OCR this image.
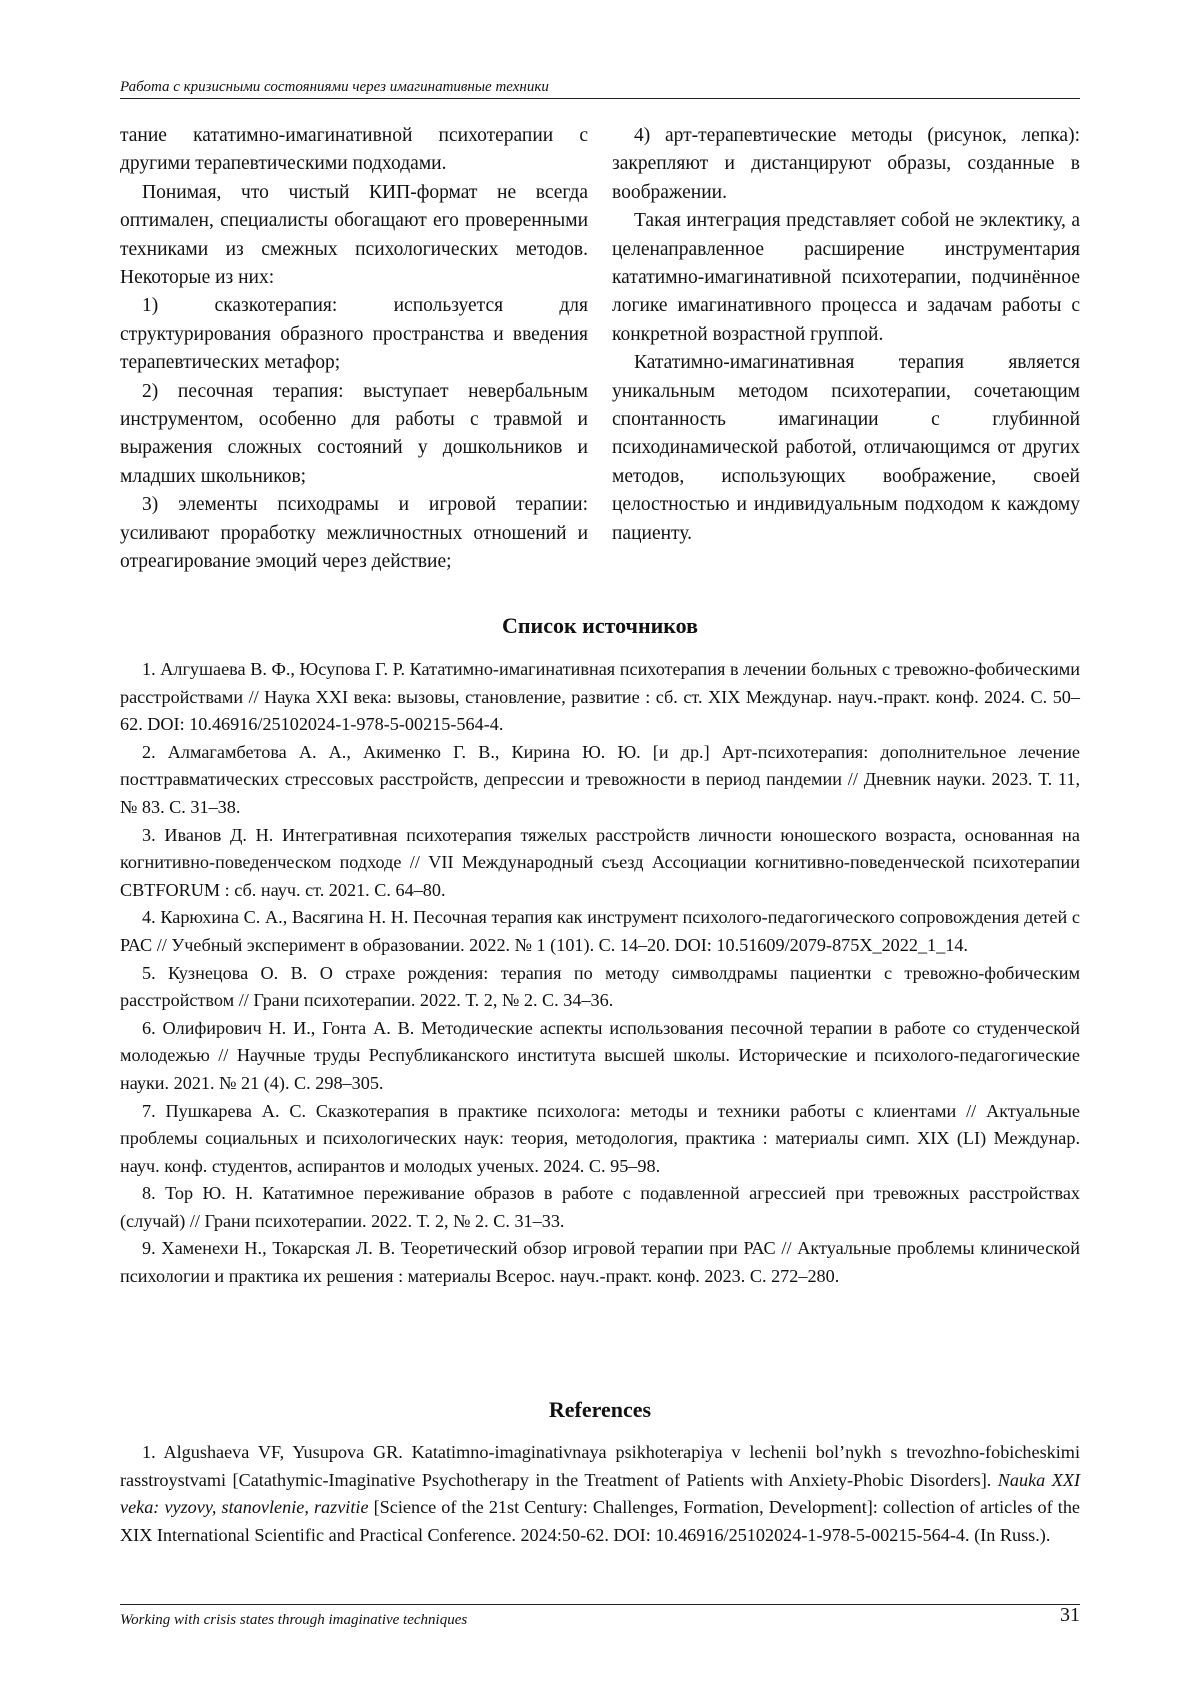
Работа с кризисными состояниями через имагинативные техники

тание кататимно-имагинативной психотерапии с другими терапевтическими подходами.

Понимая, что чистый КИП-формат не всегда оптимален, специалисты обогащают его проверенными техниками из смежных психологических методов. Некоторые из них:

1) сказкотерапия: используется для структурирования образного пространства и введения терапевтических метафор;

2) песочная терапия: выступает невербальным инструментом, особенно для работы с травмой и выражения сложных состояний у дошкольников и младших школьников;

3) элементы психодрамы и игровой терапии: усиливают проработку межличностных отношений и отреагирование эмоций через действие;

4) арт-терапевтические методы (рисунок, лепка): закрепляют и дистанцируют образы, созданные в воображении.

Такая интеграция представляет собой не эклектику, а целенаправленное расширение инструментария кататимно-имагинативной психотерапии, подчинённое логике имагинативного процесса и задачам работы с конкретной возрастной группой.

Кататимно-имагинативная терапия является уникальным методом психотерапии, сочетающим спонтанность имагинации с глубинной психодинамической работой, отличающимся от других методов, использующих воображение, своей целостностью и индивидуальным подходом к каждому пациенту.

Список источников

1. Алгушаева В. Ф., Юсупова Г. Р. Кататимно-имагинативная психотерапия в лечении больных с тревожно-фобическими расстройствами // Наука XXI века: вызовы, становление, развитие : сб. ст. XIX Междунар. науч.-практ. конф. 2024. С. 50–62. DOI: 10.46916/25102024-1-978-5-00215-564-4.

2. Алмагамбетова А. А., Акименко Г. В., Кирина Ю. Ю. [и др.] Арт-психотерапия: дополнительное лечение посттравматических стрессовых расстройств, депрессии и тревожности в период пандемии // Дневник науки. 2023. Т. 11, № 83. С. 31–38.

3. Иванов Д. Н. Интегративная психотерапия тяжелых расстройств личности юношеского возраста, основанная на когнитивно-поведенческом подходе // VII Международный съезд Ассоциации когнитивно-поведенческой психотерапии CBTFORUM : сб. науч. ст. 2021. С. 64–80.

4. Карюхина С. А., Васягина Н. Н. Песочная терапия как инструмент психолого-педагогического сопровождения детей с РАС // Учебный эксперимент в образовании. 2022. № 1 (101). С. 14–20. DOI: 10.51609/2079-875X_2022_1_14.

5. Кузнецова О. В. О страхе рождения: терапия по методу символдрамы пациентки с тревожно-фобическим расстройством // Грани психотерапии. 2022. Т. 2, № 2. С. 34–36.

6. Олифирович Н. И., Гонта А. В. Методические аспекты использования песочной терапии в работе со студенческой молодежью // Научные труды Республиканского института высшей школы. Исторические и психолого-педагогические науки. 2021. № 21 (4). С. 298–305.

7. Пушкарева А. С. Сказкотерапия в практике психолога: методы и техники работы с клиентами // Актуальные проблемы социальных и психологических наук: теория, методология, практика : материалы симп. XIX (LI) Междунар. науч. конф. студентов, аспирантов и молодых ученых. 2024. С. 95–98.

8. Тор Ю. Н. Кататимное переживание образов в работе с подавленной агрессией при тревожных расстройствах (случай) // Грани психотерапии. 2022. Т. 2, № 2. С. 31–33.

9. Хаменехи Н., Токарская Л. В. Теоретический обзор игровой терапии при РАС // Актуальные проблемы клинической психологии и практика их решения : материалы Всерос. науч.-практ. конф. 2023. С. 272–280.

References

1. Algushaeva VF, Yusupova GR. Katatimno-imaginativnaya psikhoterapiya v lechenii bol’nykh s trevozhno-fobicheskimi rasstroystvami [Catathymic-Imaginative Psychotherapy in the Treatment of Patients with Anxiety-Phobic Disorders]. Nauka XXI veka: vyzovy, stanovlenie, razvitie [Science of the 21st Century: Challenges, Formation, Development]: collection of articles of the XIX International Scientific and Practical Conference. 2024:50-62. DOI: 10.46916/25102024-1-978-5-00215-564-4. (In Russ.).

Working with crisis states through imaginative techniques	31
